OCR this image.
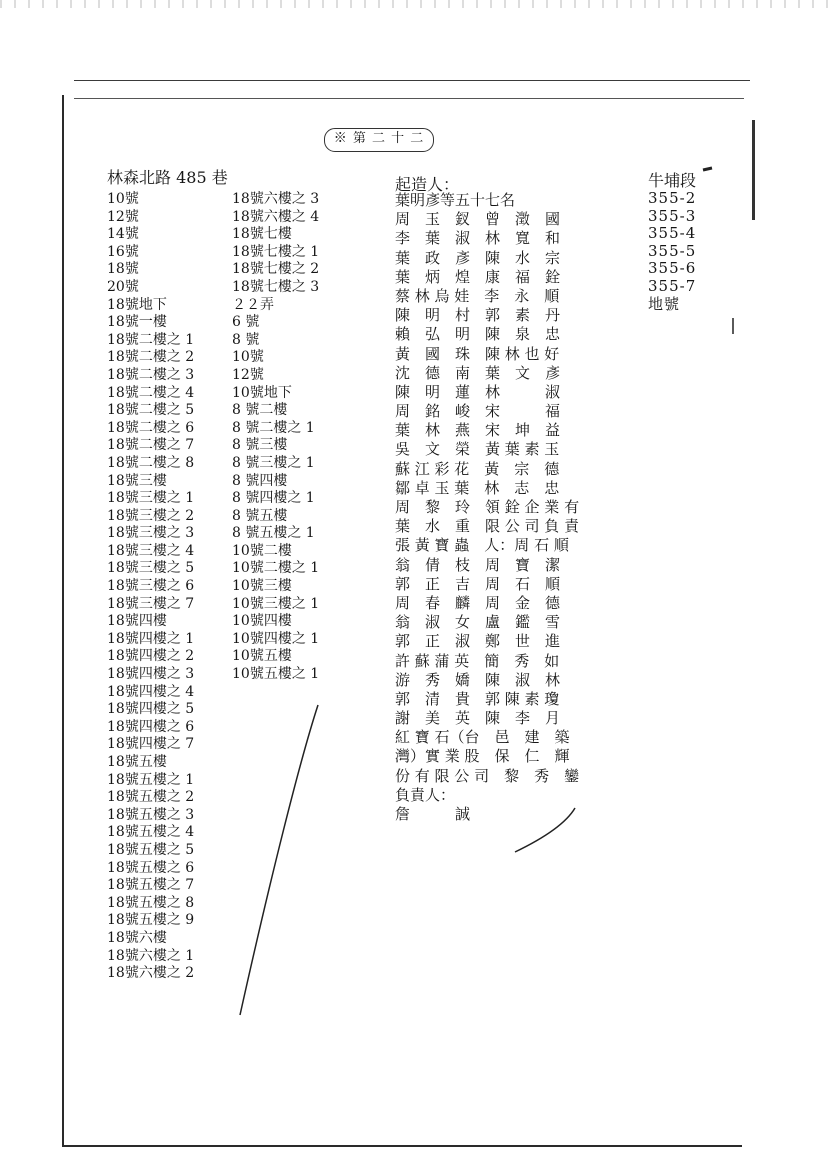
※ 第 二 十 二
林森北路 485 巷
10號
12號
14號
16號
18號
20號
18號地下
18號一樓
18號二樓之 1
18號二樓之 2
18號二樓之 3
18號二樓之 4
18號二樓之 5
18號二樓之 6
18號二樓之 7
18號二樓之 8
18號三樓
18號三樓之 1
18號三樓之 2
18號三樓之 3
18號三樓之 4
18號三樓之 5
18號三樓之 6
18號三樓之 7
18號四樓
18號四樓之 1
18號四樓之 2
18號四樓之 3
18號四樓之 4
18號四樓之 5
18號四樓之 6
18號四樓之 7
18號五樓
18號五樓之 1
18號五樓之 2
18號五樓之 3
18號五樓之 4
18號五樓之 5
18號五樓之 6
18號五樓之 7
18號五樓之 8
18號五樓之 9
18號六樓
18號六樓之 1
18號六樓之 2
18號六樓之 3
18號六樓之 4
18號七樓
18號七樓之 1
18號七樓之 2
18號七樓之 3
２２弄
6 號
8 號
10號
12號
10號地下
8 號二樓
8 號二樓之 1
8 號三樓
8 號三樓之 1
8 號四樓
8 號四樓之 1
8 號五樓
8 號五樓之 1
10號二樓
10號二樓之 1
10號三樓
10號三樓之 1
10號四樓
10號四樓之 1
10號五樓
10號五樓之 1
起造人：
葉明彥等五十七名
周　玉　釵　曾　澂　國
李　葉　淑　林　寬　和
葉　政　彥　陳　水　宗
葉　炳　煌　康　福　銓
蔡 林 烏 娃　李　永　順
陳　明　村　郭　素　丹
賴　弘　明　陳　泉　忠
黃　國　珠　陳 林 也 好
沈　德　南　葉　文　彥
陳　明　蓮　林　　　淑
周　銘　峻　宋　　　福
葉　林　燕　宋　坤　益
吳　文　榮　黃 葉 素 玉
蘇 江 彩 花　黃　宗　德
鄒 卓 玉 葉　林　志　忠
周　黎　玲　領 銓 企 業 有
葉　水　重　限 公 司 負 責
張 黃 寶 蟲　人：周 石 順
翁　倩　枝　周　寶　潔
郭　正　吉　周　石　順
周　春　麟　周　金　德
翁　淑　女　盧　鑑　雪
郭　正　淑　鄭　世　進
許 蘇 蒲 英　簡　秀　如
游　秀　嬌　陳　淑　林
郭　清　貴　郭 陳 素 瓊
謝　美　英　陳　李　月
紅 寶 石（台　邑　建　築
灣）實 業 股　保　仁　輝
份 有 限 公 司　黎　秀　鑾
負責人：
詹　　　誠
牛埔段
355-2
355-3
355-4
355-5
355-6
355-7
地號
